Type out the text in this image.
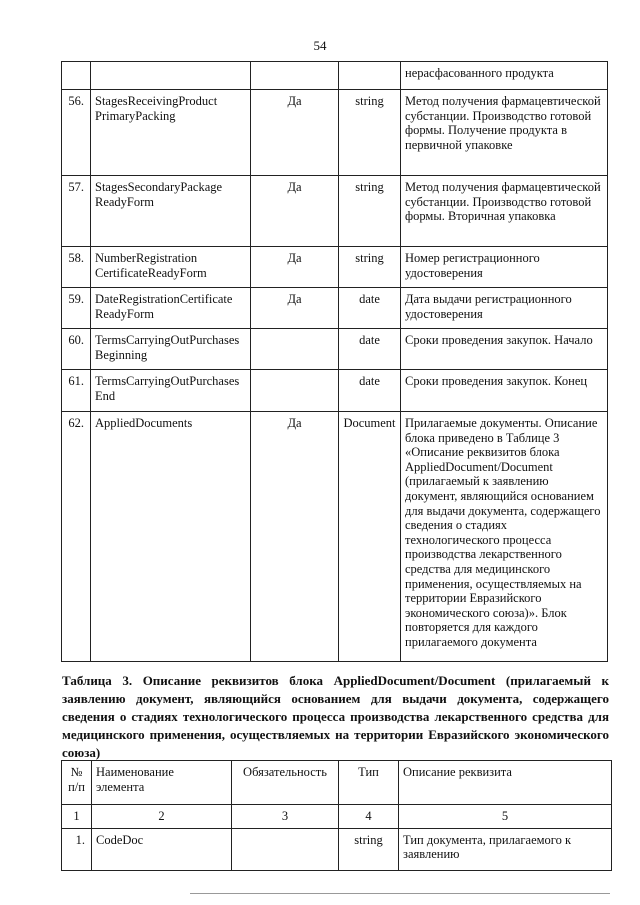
54
				нерасфасованного продукта
56.	StagesReceivingProduct
PrimaryPacking	Да	string	Метод получения фармацевтической субстанции. Производство готовой формы. Получение продукта в первичной упаковке
57.	StagesSecondaryPackage
ReadyForm	Да	string	Метод получения фармацевтической субстанции. Производство готовой формы. Вторичная упаковка
58.	NumberRegistration
CertificateReadyForm	Да	string	Номер регистрационного удостоверения
59.	DateRegistrationCertificate
ReadyForm	Да	date	Дата выдачи регистрационного удостоверения
60.	TermsCarryingOutPurchases
Beginning		date	Сроки проведения закупок. Начало
61.	TermsCarryingOutPurchases
End		date	Сроки проведения закупок. Конец
62.	AppliedDocuments	Да	Document	Прилагаемые документы. Описание блока приведено в Таблице 3 «Описание реквизитов блока AppliedDocument/Document (прилагаемый к заявлению документ, являющийся основанием для выдачи документа, содержащего сведения о стадиях технологического процесса производства лекарственного средства для медицинского применения, осуществляемых на территории Евразийского экономического союза)». Блок повторяется для каждого прилагаемого документа
Таблица 3. Описание реквизитов блока AppliedDocument/Document (прилагаемый к заявлению документ, являющийся основанием для выдачи документа, содержащего сведения о стадиях технологического процесса производства лекарственного средства для медицинского применения, осуществляемых на территории Евразийского экономического союза)
№
п/п	Наименование
элемента	Обязательность	Тип	Описание реквизита
1	2	3	4	5
1.	CodeDoc		string	Тип документа, прилагаемого к заявлению
